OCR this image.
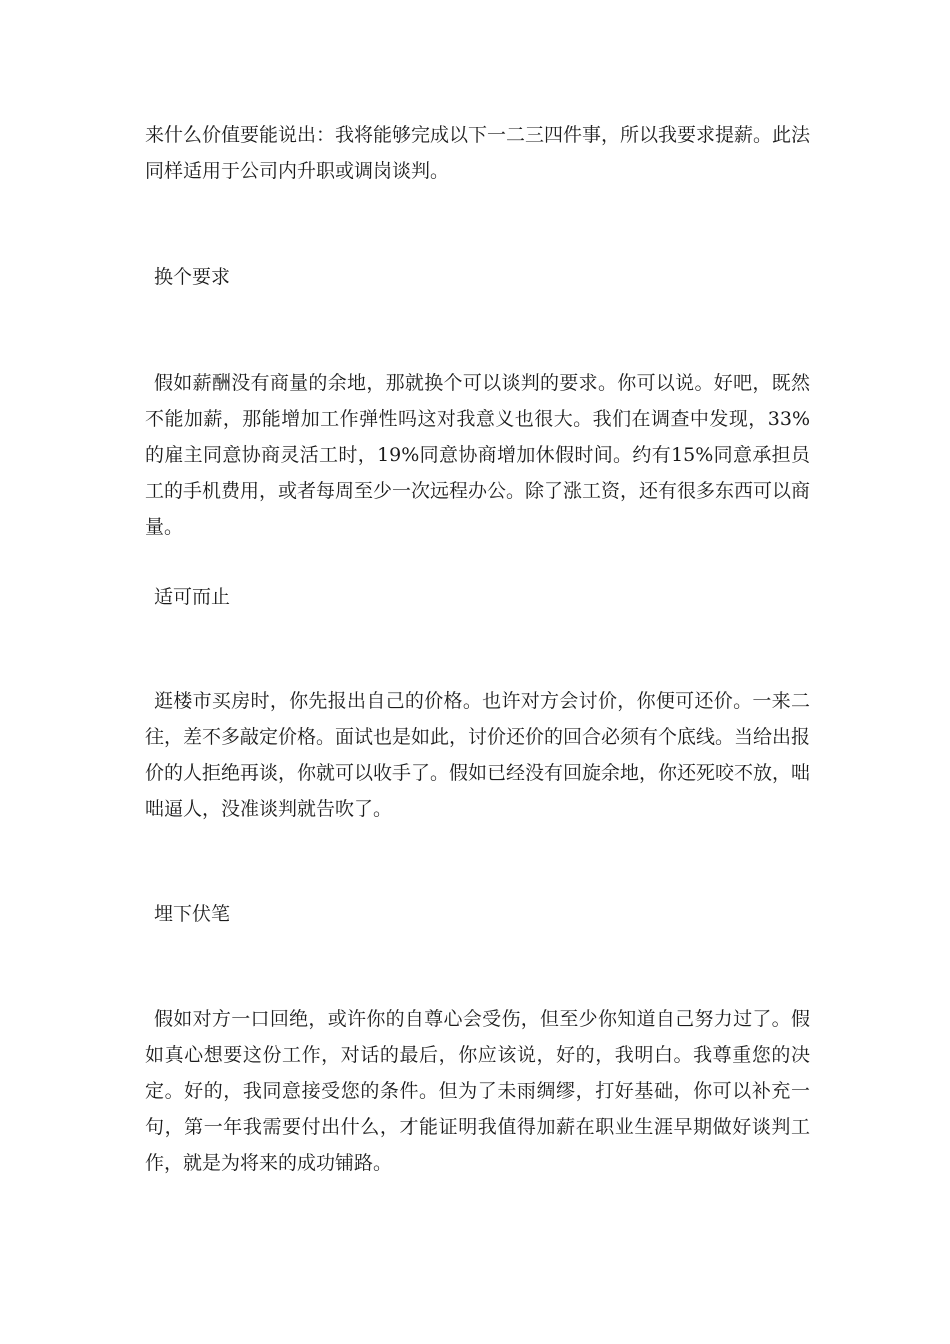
来什么价值要能说出：我将能够完成以下一二三四件事，所以我要求提薪。此法同样适用于公司内升职或调岗谈判。
换个要求
假如薪酬没有商量的余地，那就换个可以谈判的要求。你可以说。好吧，既然不能加薪，那能增加工作弹性吗这对我意义也很大。我们在调查中发现，33%的雇主同意协商灵活工时，19%同意协商增加休假时间。约有15%同意承担员工的手机费用，或者每周至少一次远程办公。除了涨工资，还有很多东西可以商量。
适可而止
逛楼市买房时，你先报出自己的价格。也许对方会讨价，你便可还价。一来二往，差不多敲定价格。面试也是如此，讨价还价的回合必须有个底线。当给出报价的人拒绝再谈，你就可以收手了。假如已经没有回旋余地，你还死咬不放，咄咄逼人，没准谈判就告吹了。
埋下伏笔
假如对方一口回绝，或许你的自尊心会受伤，但至少你知道自己努力过了。假如真心想要这份工作，对话的最后，你应该说，好的，我明白。我尊重您的决定。好的，我同意接受您的条件。但为了未雨绸缪，打好基础，你可以补充一句，第一年我需要付出什么，才能证明我值得加薪在职业生涯早期做好谈判工作，就是为将来的成功铺路。
